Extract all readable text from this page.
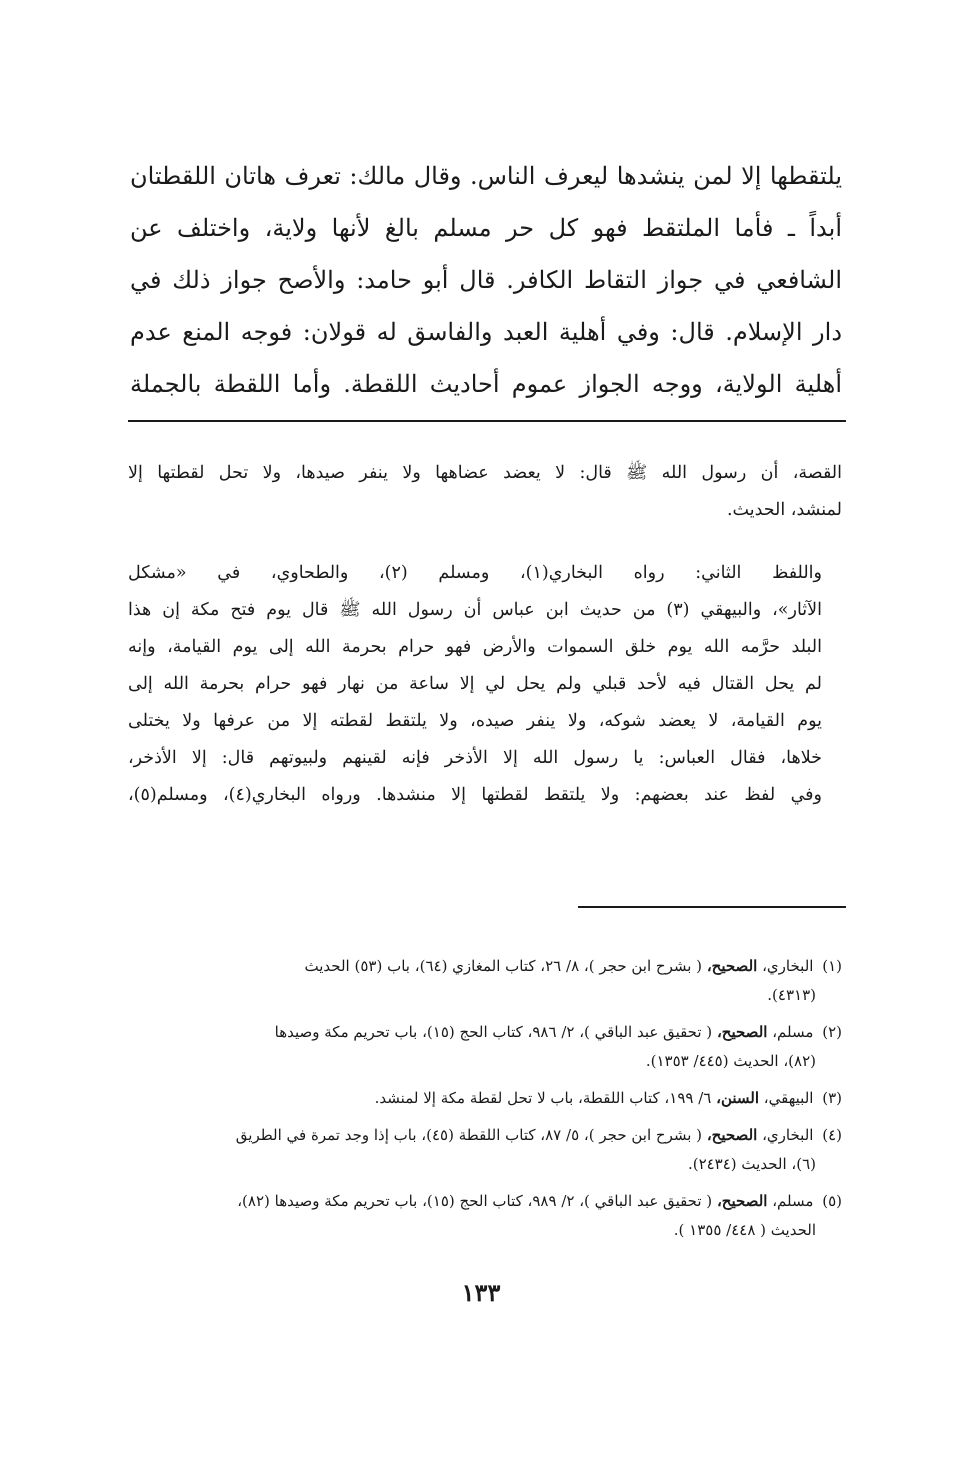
يلتقطها إلا لمن ينشدها ليعرف الناس. وقال مالك: تعرف هاتان اللقطتان

أبداً ـ فأما الملتقط فهو كل حر مسلم بالغ لأنها ولاية، واختلف عن

الشافعي في جواز التقاط الكافر. قال أبو حامد: والأصح جواز ذلك في

دار الإسلام. قال: وفي أهلية العبد والفاسق له قولان: فوجه المنع عدم

أهلية الولاية، ووجه الجواز عموم أحاديث اللقطة. وأما اللقطة بالجملة

القصة، أن رسول الله ﷺ قال: لا يعضد عضاهها ولا ينفر صيدها، ولا تحل لقطتها إلا

لمنشد، الحديث.

واللفظ الثاني: رواه البخاري(١)، ومسلم (٢)، والطحاوي، في «مشكل

الآثار»، والبيهقي (٣) من حديث ابن عباس أن رسول الله ﷺ قال يوم فتح مكة إن هذا

البلد حرَّمه الله يوم خلق السموات والأرض فهو حرام بحرمة الله إلى يوم القيامة، وإنه

لم يحل القتال فيه لأحد قبلي ولم يحل لي إلا ساعة من نهار فهو حرام بحرمة الله إلى

يوم القيامة، لا يعضد شوكه، ولا ينفر صيده، ولا يلتقط لقطته إلا من عرفها ولا يختلى

خلاها، فقال العباس: يا رسول الله إلا الأذخر فإنه لقينهم ولبيوتهم قال: إلا الأذخر،

وفي لفظ عند بعضهم: ولا يلتقط لقطتها إلا منشدها. ورواه البخاري(٤)، ومسلم(٥)،

(١) البخاري، الصحيح، ( بشرح ابن حجر )، ٨/ ٢٦، كتاب المغازي (٦٤)، باب (٥٣) الحديث
(٤٣١٣).
(٢) مسلم، الصحيح، ( تحقيق عبد الباقي )، ٢/ ٩٨٦، كتاب الحج (١٥)، باب تحريم مكة وصيدها
(٨٢)، الحديث (٤٤٥/ ١٣٥٣).
(٣) البيهقي، السنن، ٦/ ١٩٩، كتاب اللقطة، باب لا تحل لقطة مكة إلا لمنشد.
(٤) البخاري، الصحيح، ( بشرح ابن حجر )، ٥/ ٨٧، كتاب اللقطة (٤٥)، باب إذا وجد تمرة في الطريق
(٦)، الحديث (٢٤٣٤).
(٥) مسلم، الصحيح، ( تحقيق عبد الباقي )، ٢/ ٩٨٩، كتاب الحج (١٥)، باب تحريم مكة وصيدها (٨٢)،
الحديث ( ٤٤٨/ ١٣٥٥ ).
١٣٣
